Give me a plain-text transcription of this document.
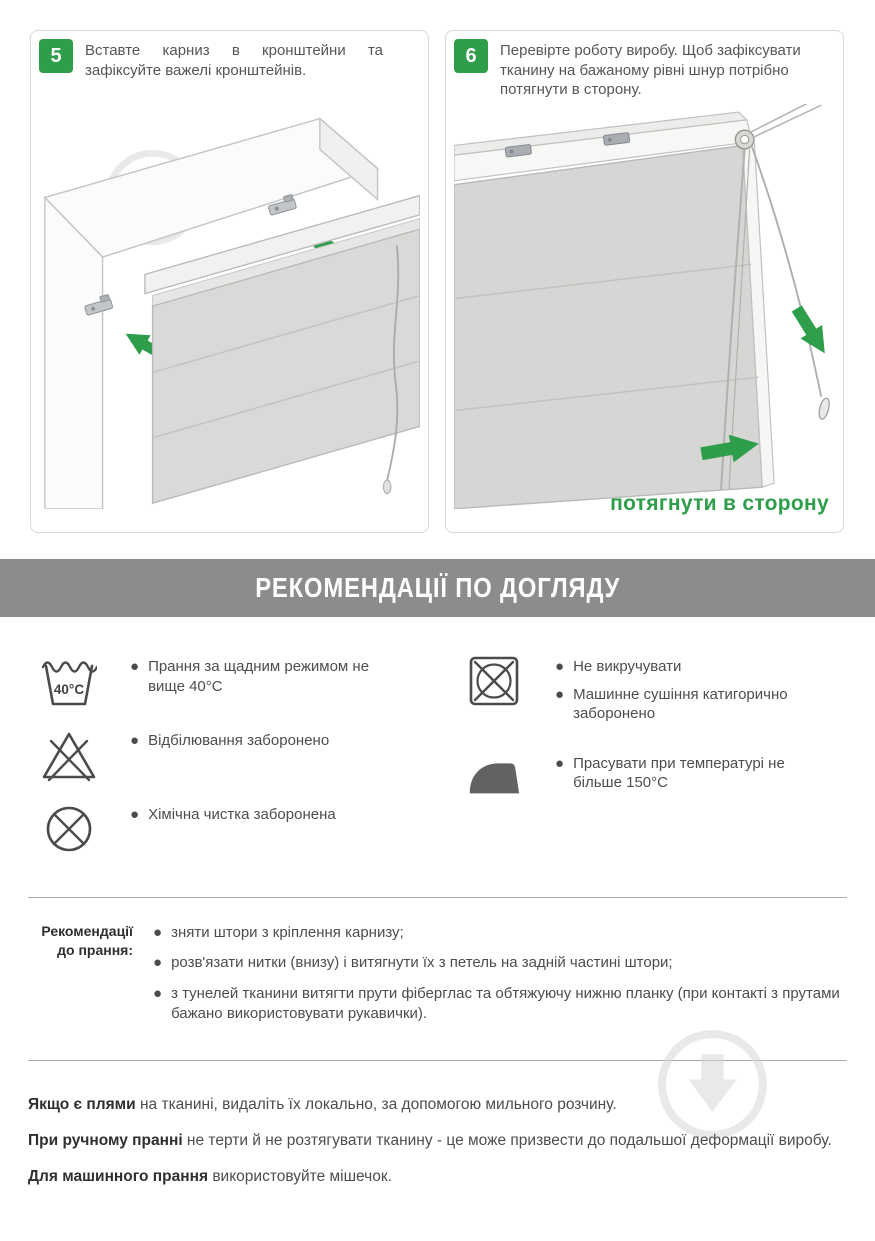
5	Вставте карниз в кронштейни та зафіксуйте важелі кронштейнів.

6	Перевірте роботу виробу. Щоб зафіксувати тканину на бажаному рівні шнур потрібно потягнути в сторону.

потягнути в сторону
РЕКОМЕНДАЦІЇ ПО ДОГЛЯДУ
40°C
● Прання за щадним режимом не вище 40°С
● Відбілювання заборонено
● Хімічна чистка заборонена
● Не викручувати
● Машинне сушіння катигорично заборонено
● Прасувати при температурі не більше 150°С
Рекомендації до прання:
● зняти штори з кріплення карнизу;
● розв'язати нитки (внизу) і витягнути їх з петель на задній частині штори;
● з тунелей тканини витягти прути фіберглас та обтяжуючу нижню планку (при контакті з прутами бажано використовувати рукавички).

Якщо є плями на тканині, видаліть їх локально, за допомогою мильного розчину.

При ручному пранні не терти й не розтягувати тканину - це може призвести до подальшої деформації виробу.

Для машинного прання використовуйте мішечок.
